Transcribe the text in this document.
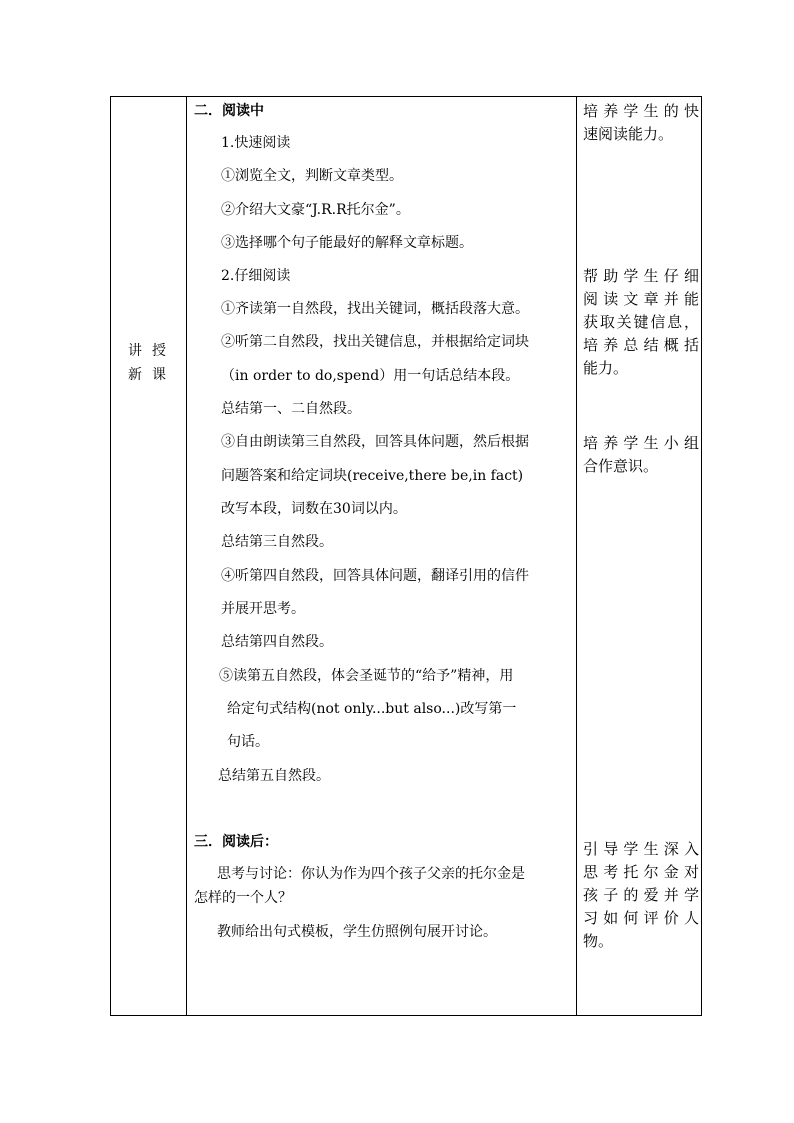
讲 授
新 课
二．阅读中
1.快速阅读
①浏览全文，判断文章类型。
②介绍大文豪“J.R.R托尔金”。
③选择哪个句子能最好的解释文章标题。
2.仔细阅读
①齐读第一自然段，找出关键词，概括段落大意。
②听第二自然段，找出关键信息，并根据给定词块
（in order to do,spend）用一句话总结本段。
总结第一、二自然段。
③自由朗读第三自然段，回答具体问题，然后根据
问题答案和给定词块(receive,there be,in fact)
改写本段，词数在30词以内。
总结第三自然段。
④听第四自然段，回答具体问题，翻译引用的信件
并展开思考。
总结第四自然段。
⑤读第五自然段，体会圣诞节的“给予”精神，用
给定句式结构(not only...but also...)改写第一
句话。
总结第五自然段。
三．阅读后：
思考与讨论：你认为作为四个孩子父亲的托尔金是
怎样的一个人？
教师给出句式模板，学生仿照例句展开讨论。
培养学生的快
速阅读能力。
帮助学生仔细
阅读文章并能
获取关键信息，
培养总结概括
能力。
培养学生小组
合作意识。
引导学生深入
思考托尔金对
孩子的爱并学
习如何评价人
物。
